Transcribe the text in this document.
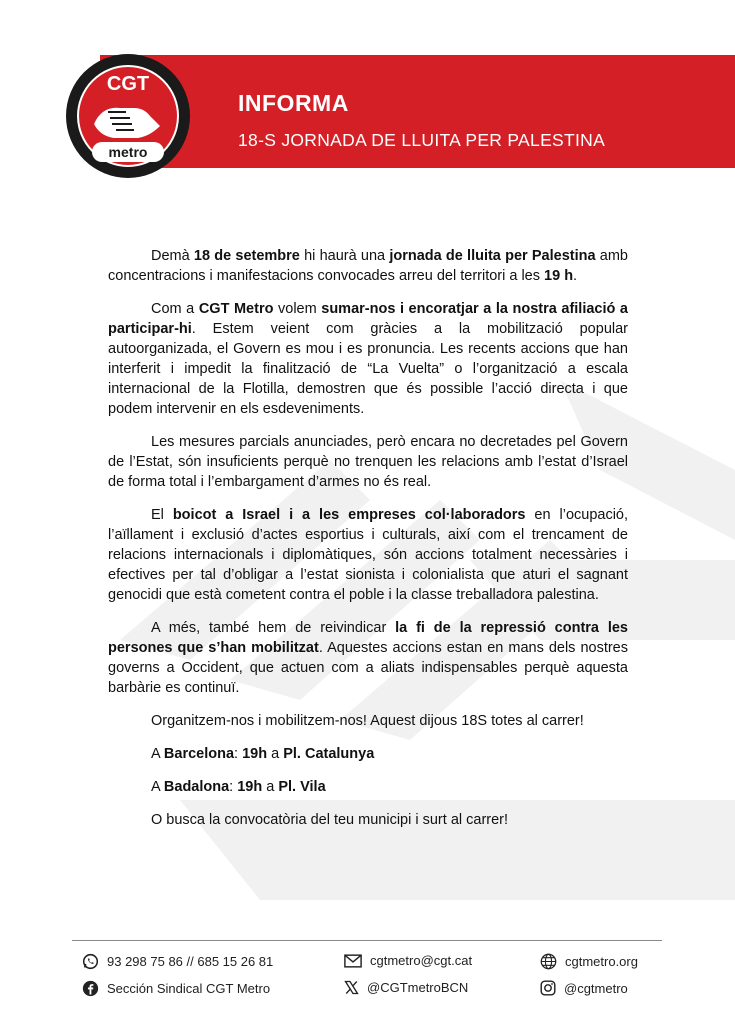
INFORMA
18-S JORNADA DE LLUITA PER PALESTINA
CGT
metro

Demà 18 de setembre hi haurà una jornada de lluita per Palestina amb concentracions i manifestacions convocades arreu del territori a les 19 h.

Com a CGT Metro volem sumar-nos i encoratjar a la nostra afiliació a participar-hi. Estem veient com gràcies a la mobilització popular autoorganizada, el Govern es mou i es pronuncia. Les recents accions que han interferit i impedit la finalització de “La Vuelta” o l’organització a escala internacional de la Flotilla, demostren que és possible l’acció directa i que podem intervenir en els esdeveniments.

Les mesures parcials anunciades, però encara no decretades pel Govern de l’Estat, són insuficients perquè no trenquen les relacions amb l’estat d’Israel de forma total i l’embargament d’armes no és real.

El boicot a Israel i a les empreses col·laboradors en l’ocupació, l’aïllament i exclusió d’actes esportius i culturals, així com el trencament de relacions internacionals i diplomàtiques, són accions totalment necessàries i efectives per tal d’obligar a l’estat sionista i colonialista que aturi el sagnant genocidi que està cometent contra el poble i la classe treballadora palestina.

A més, també hem de reivindicar la fi de la repressió contra les persones que s’han mobilitzat. Aquestes accions estan en mans dels nostres governs a Occident, que actuen com a aliats indispensables perquè aquesta barbàrie es continuï.

Organitzem-nos i mobilitzem-nos! Aquest dijous 18S totes al carrer!

A Barcelona: 19h a Pl. Catalunya

A Badalona: 19h a Pl. Vila

O busca la convocatòria del teu municipi i surt al carrer!

93 298 75 86 // 685 15 26 81
Sección Sindical CGT Metro
cgtmetro@cgt.cat
@CGTmetroBCN
cgtmetro.org
@cgtmetro
